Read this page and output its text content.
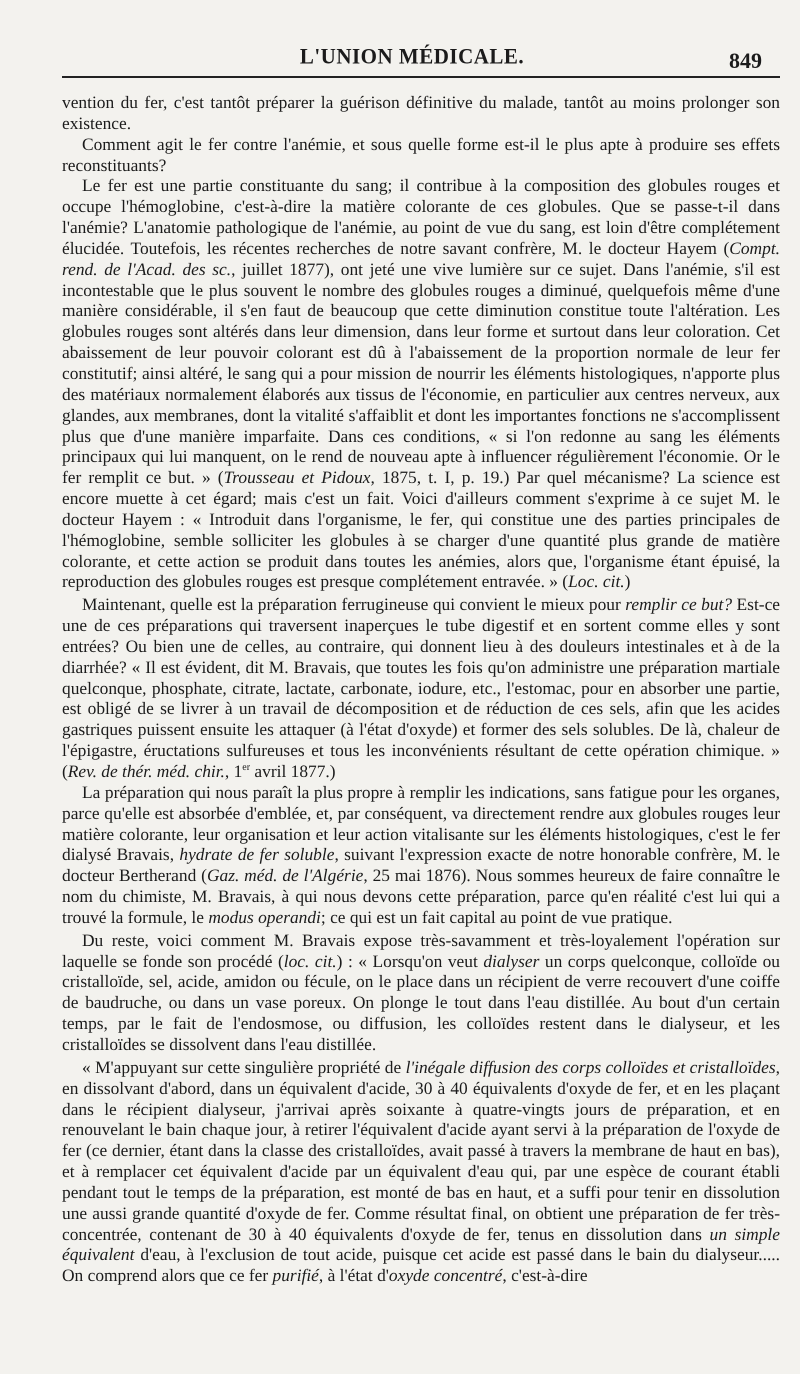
L'UNION MÉDICALE.	849

vention du fer, c'est tantôt préparer la guérison définitive du malade, tantôt au moins prolonger son existence.

Comment agit le fer contre l'anémie, et sous quelle forme est-il le plus apte à produire ses effets reconstituants?

Le fer est une partie constituante du sang; il contribue à la composition des globules rouges et occupe l'hémoglobine, c'est-à-dire la matière colorante de ces globules. Que se passe-t-il dans l'anémie? L'anatomie pathologique de l'anémie, au point de vue du sang, est loin d'être complétement élucidée. Toutefois, les récentes recherches de notre savant confrère, M. le docteur Hayem (Compt. rend. de l'Acad. des sc., juillet 1877), ont jeté une vive lumière sur ce sujet. Dans l'anémie, s'il est incontestable que le plus souvent le nombre des globules rouges a diminué, quelquefois même d'une manière considérable, il s'en faut de beaucoup que cette diminution constitue toute l'altération. Les globules rouges sont altérés dans leur dimension, dans leur forme et surtout dans leur coloration. Cet abaissement de leur pouvoir colorant est dû à l'abaissement de la proportion normale de leur fer constitutif; ainsi altéré, le sang qui a pour mission de nourrir les éléments histologiques, n'apporte plus des matériaux normalement élaborés aux tissus de l'économie, en particulier aux centres nerveux, aux glandes, aux membranes, dont la vitalité s'affaiblit et dont les importantes fonctions ne s'accomplissent plus que d'une manière imparfaite. Dans ces conditions, « si l'on redonne au sang les éléments principaux qui lui manquent, on le rend de nouveau apte à influencer régulièrement l'économie. Or le fer remplit ce but. » (Trousseau et Pidoux, 1875, t. I, p. 19.) Par quel mécanisme? La science est encore muette à cet égard; mais c'est un fait. Voici d'ailleurs comment s'exprime à ce sujet M. le docteur Hayem : « Introduit dans l'organisme, le fer, qui constitue une des parties principales de l'hémoglobine, semble solliciter les globules à se charger d'une quantité plus grande de matière colorante, et cette action se produit dans toutes les anémies, alors que, l'organisme étant épuisé, la reproduction des globules rouges est presque complétement entravée. » (Loc. cit.)

Maintenant, quelle est la préparation ferrugineuse qui convient le mieux pour remplir ce but? Est-ce une de ces préparations qui traversent inaperçues le tube digestif et en sortent comme elles y sont entrées? Ou bien une de celles, au contraire, qui donnent lieu à des douleurs intestinales et à de la diarrhée? « Il est évident, dit M. Bravais, que toutes les fois qu'on administre une préparation martiale quelconque, phosphate, citrate, lactate, carbonate, iodure, etc., l'estomac, pour en absorber une partie, est obligé de se livrer à un travail de décomposition et de réduction de ces sels, afin que les acides gastriques puissent ensuite les attaquer (à l'état d'oxyde) et former des sels solubles. De là, chaleur de l'épigastre, éructations sulfureuses et tous les inconvénients résultant de cette opération chimique. » (Rev. de thér. méd. chir., 1er avril 1877.)

La préparation qui nous paraît la plus propre à remplir les indications, sans fatigue pour les organes, parce qu'elle est absorbée d'emblée, et, par conséquent, va directement rendre aux globules rouges leur matière colorante, leur organisation et leur action vitalisante sur les éléments histologiques, c'est le fer dialysé Bravais, hydrate de fer soluble, suivant l'expression exacte de notre honorable confrère, M. le docteur Bertherand (Gaz. méd. de l'Algérie, 25 mai 1876). Nous sommes heureux de faire connaître le nom du chimiste, M. Bravais, à qui nous devons cette préparation, parce qu'en réalité c'est lui qui a trouvé la formule, le modus operandi; ce qui est un fait capital au point de vue pratique.

Du reste, voici comment M. Bravais expose très-savamment et très-loyalement l'opération sur laquelle se fonde son procédé (loc. cit.) : « Lorsqu'on veut dialyser un corps quelconque, colloïde ou cristalloïde, sel, acide, amidon ou fécule, on le place dans un récipient de verre recouvert d'une coiffe de baudruche, ou dans un vase poreux. On plonge le tout dans l'eau distillée. Au bout d'un certain temps, par le fait de l'endosmose, ou diffusion, les colloïdes restent dans le dialyseur, et les cristalloïdes se dissolvent dans l'eau distillée.

« M'appuyant sur cette singulière propriété de l'inégale diffusion des corps colloïdes et cristalloïdes, en dissolvant d'abord, dans un équivalent d'acide, 30 à 40 équivalents d'oxyde de fer, et en les plaçant dans le récipient dialyseur, j'arrivai après soixante à quatre-vingts jours de préparation, et en renouvelant le bain chaque jour, à retirer l'équivalent d'acide ayant servi à la préparation de l'oxyde de fer (ce dernier, étant dans la classe des cristalloïdes, avait passé à travers la membrane de haut en bas), et à remplacer cet équivalent d'acide par un équivalent d'eau qui, par une espèce de courant établi pendant tout le temps de la préparation, est monté de bas en haut, et a suffi pour tenir en dissolution une aussi grande quantité d'oxyde de fer. Comme résultat final, on obtient une préparation de fer très-concentrée, contenant de 30 à 40 équivalents d'oxyde de fer, tenus en dissolution dans un simple équivalent d'eau, à l'exclusion de tout acide, puisque cet acide est passé dans le bain du dialyseur..... On comprend alors que ce fer purifié, à l'état d'oxyde concentré, c'est-à-dire
